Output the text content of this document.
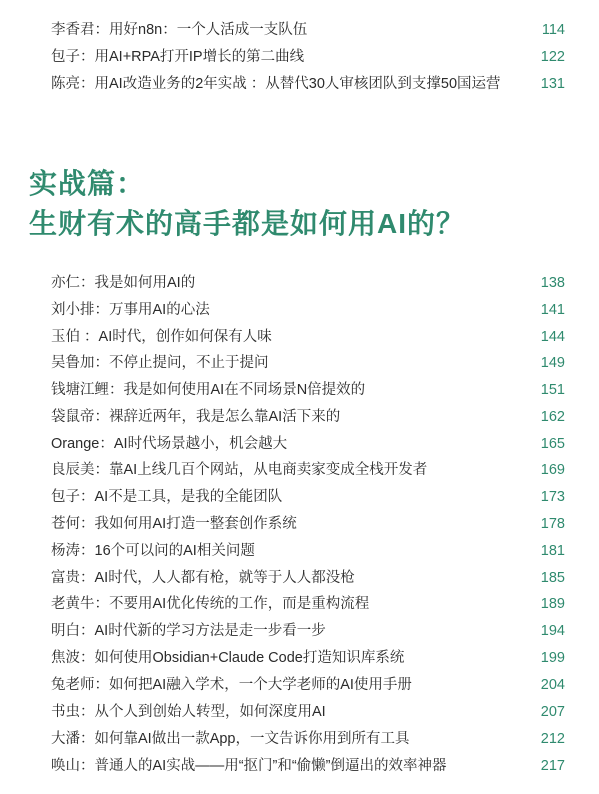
李香君：用好n8n：一个人活成一支队伍	114
包子：用AI+RPA打开IP增长的第二曲线	122
陈亮：用AI改造业务的2年实战 ：从替代30人审核团队到支撑50国运营	131
实战篇：
生财有术的高手都是如何用AI的？
亦仁：我是如何用AI的	138
刘小排：万事用AI的心法	141
玉伯 ：AI时代，创作如何保有人味	144
吴鲁加：不停止提问，不止于提问	149
钱塘江鲤：我是如何使用AI在不同场景N倍提效的	151
袋鼠帝：裸辞近两年，我是怎么靠AI活下来的	162
Orange：AI时代场景越小，机会越大	165
良辰美：靠AI上线几百个网站，从电商卖家变成全栈开发者	169
包子：AI不是工具，是我的全能团队	173
苍何：我如何用AI打造一整套创作系统	178
杨涛：16个可以问的AI相关问题	181
富贵：AI时代，人人都有枪，就等于人人都没枪	185
老黄牛：不要用AI优化传统的工作，而是重构流程	189
明白：AI时代新的学习方法是走一步看一步	194
焦波：如何使用Obsidian+Claude Code打造知识库系统	199
兔老师：如何把AI融入学术，一个大学老师的AI使用手册	204
书虫：从个人到创始人转型，如何深度用AI	207
大潘：如何靠AI做出一款App，一文告诉你用到所有工具	212
唤山：普通人的AI实战——用“抠门”和“偷懒”倒逼出的效率神器	217
